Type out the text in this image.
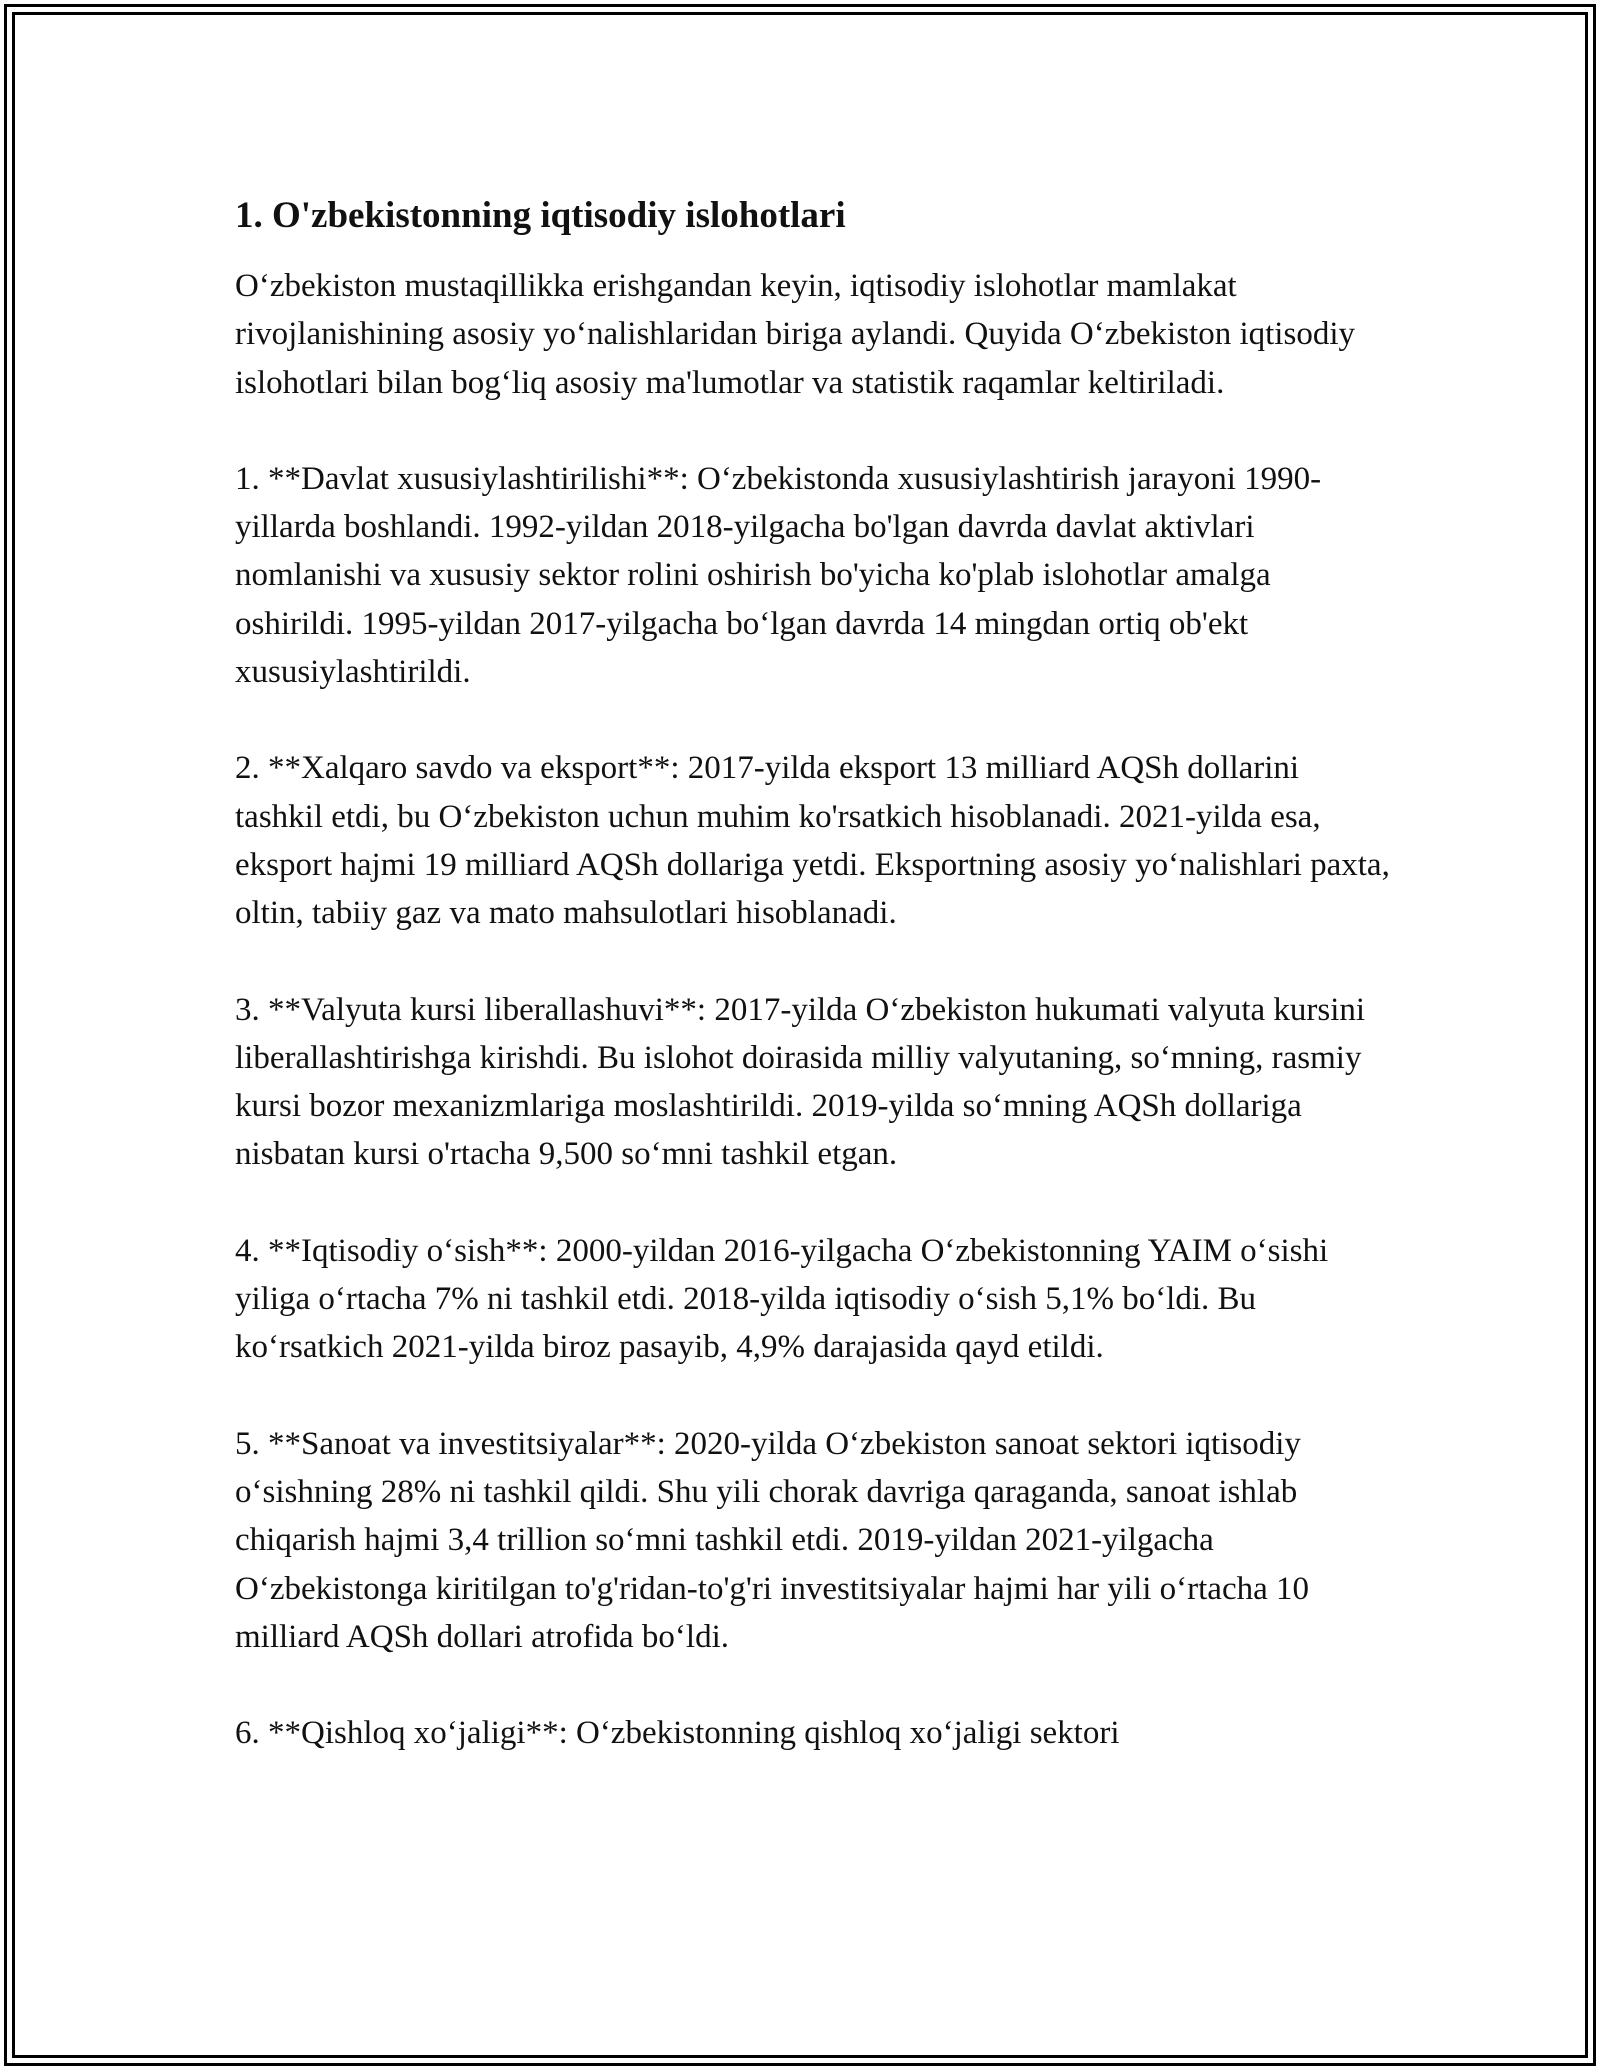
1. O'zbekistonning iqtisodiy islohotlari

O‘zbekiston mustaqillikka erishgandan keyin, iqtisodiy islohotlar mamlakat rivojlanishining asosiy yo‘nalishlaridan biriga aylandi. Quyida O‘zbekiston iqtisodiy islohotlari bilan bog‘liq asosiy ma'lumotlar va statistik raqamlar keltiriladi.

1. **Davlat xususiylashtirilishi**: O‘zbekistonda xususiylashtirish jarayoni 1990-yillarda boshlandi. 1992-yildan 2018-yilgacha bo'lgan davrda davlat aktivlari nomlanishi va xususiy sektor rolini oshirish bo'yicha ko'plab islohotlar amalga oshirildi. 1995-yildan 2017-yilgacha bo‘lgan davrda 14 mingdan ortiq ob'ekt xususiylashtirildi.

2. **Xalqaro savdo va eksport**: 2017-yilda eksport 13 milliard AQSh dollarini tashkil etdi, bu O‘zbekiston uchun muhim ko'rsatkich hisoblanadi. 2021-yilda esa, eksport hajmi 19 milliard AQSh dollariga yetdi. Eksportning asosiy yo‘nalishlari paxta, oltin, tabiiy gaz va mato mahsulotlari hisoblanadi.

3. **Valyuta kursi liberallashuvi**: 2017-yilda O‘zbekiston hukumati valyuta kursini liberallashtirishga kirishdi. Bu islohot doirasida milliy valyutaning, so‘mning, rasmiy kursi bozor mexanizmlariga moslashtirildi. 2019-yilda so‘mning AQSh dollariga nisbatan kursi o'rtacha 9,500 so‘mni tashkil etgan.

4. **Iqtisodiy o‘sish**: 2000-yildan 2016-yilgacha O‘zbekistonning YAIM o‘sishi yiliga o‘rtacha 7% ni tashkil etdi. 2018-yilda iqtisodiy o‘sish 5,1% bo‘ldi. Bu ko‘rsatkich 2021-yilda biroz pasayib, 4,9% darajasida qayd etildi.

5. **Sanoat va investitsiyalar**: 2020-yilda O‘zbekiston sanoat sektori iqtisodiy o‘sishning 28% ni tashkil qildi. Shu yili chorak davriga qaraganda, sanoat ishlab chiqarish hajmi 3,4 trillion so‘mni tashkil etdi. 2019-yildan 2021-yilgacha O‘zbekistonga kiritilgan to'g'ridan-to'g'ri investitsiyalar hajmi har yili o‘rtacha 10 milliard AQSh dollari atrofida bo‘ldi.

6. **Qishloq xo‘jaligi**: O‘zbekistonning qishloq xo‘jaligi sektori
